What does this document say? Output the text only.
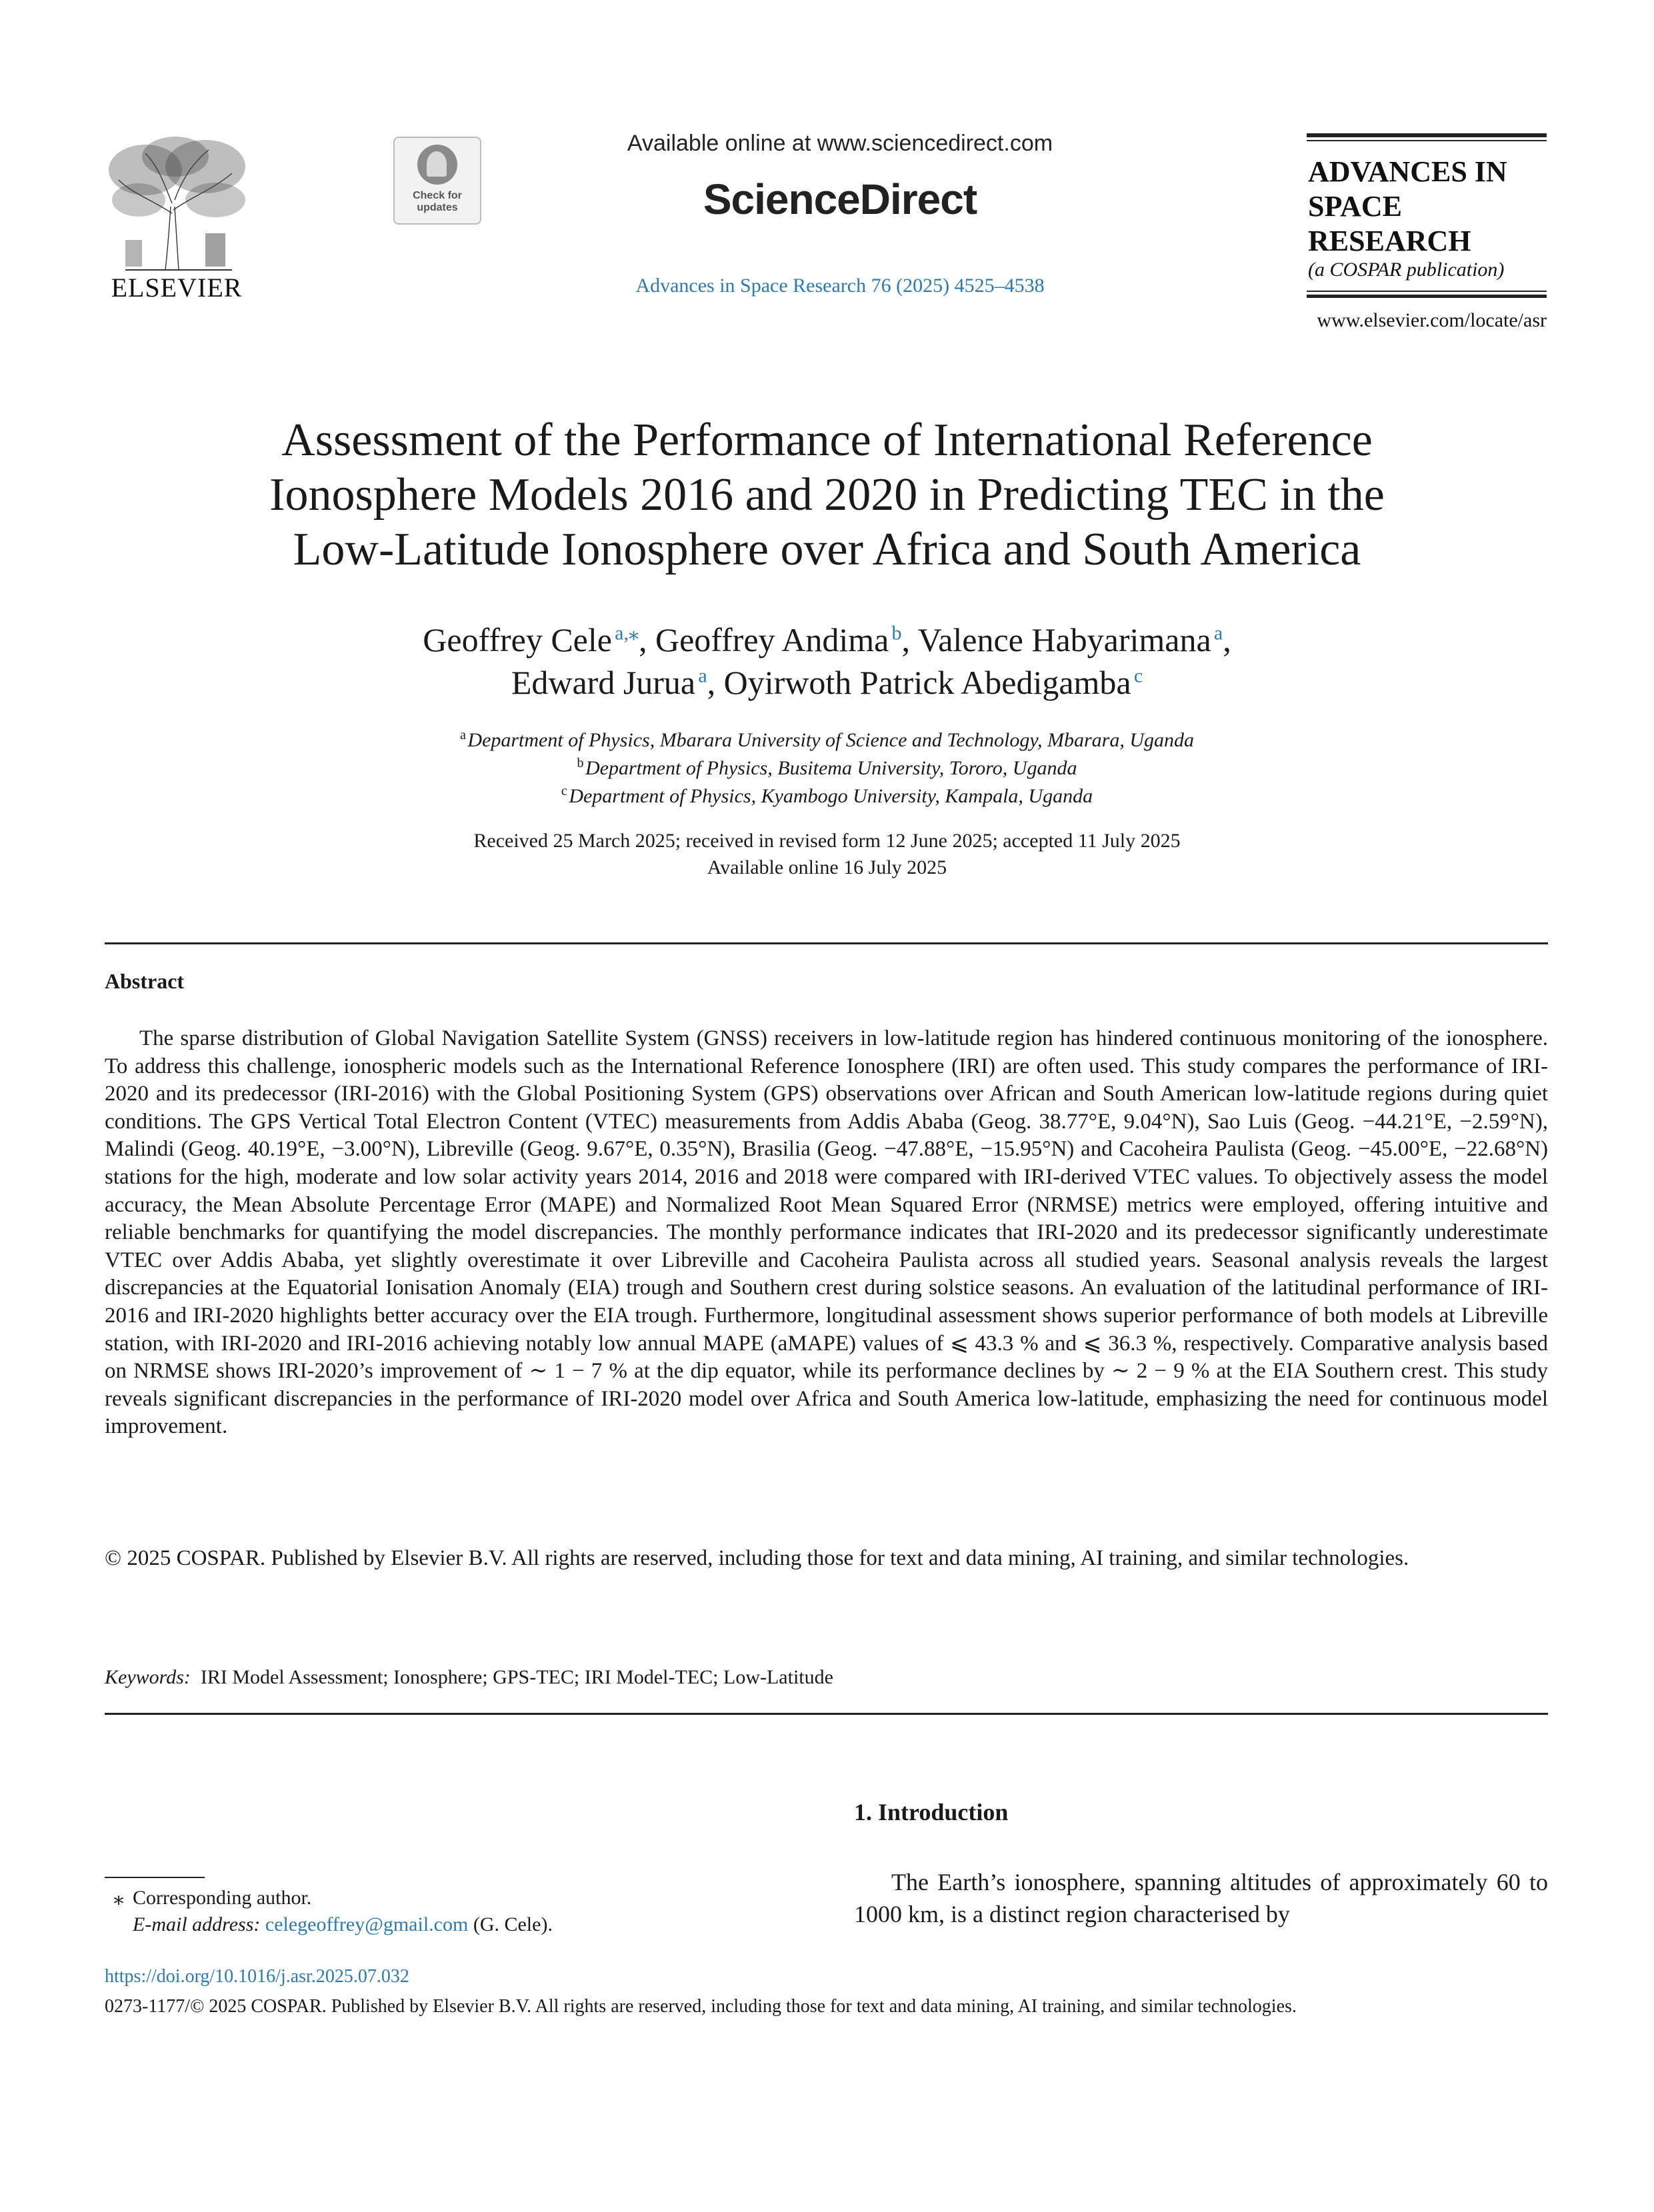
ELSEVIER
Check for
updates
Available online at www.sciencedirect.com
ScienceDirect
Advances in Space Research 76 (2025) 4525–4538
ADVANCES IN
SPACE
RESEARCH
(a COSPAR publication)
www.elsevier.com/locate/asr
Assessment of the Performance of International Reference
Ionosphere Models 2016 and 2020 in Predicting TEC in the
Low-Latitude Ionosphere over Africa and South America
Geoffrey Cele  $^{a,⁎}$, Geoffrey Andima  $^b$, Valence Habyarimana  $^a$,
Edward Jurua  $^a$, Oyirwoth Patrick Abedigamba  $^c$
$^a$ Department of Physics, Mbarara University of Science and Technology, Mbarara, Uganda
$^b$ Department of Physics, Busitema University, Tororo, Uganda
$^c$ Department of Physics, Kyambogo University, Kampala, Uganda
Received 25 March 2025; received in revised form 12 June 2025; accepted 11 July 2025
Available online 16 July 2025
Abstract

The sparse distribution of Global Navigation Satellite System (GNSS) receivers in low-latitude region has hindered continuous monitoring of the ionosphere. To address this challenge, ionospheric models such as the International Reference Ionosphere (IRI) are often used. This study compares the performance of IRI-2020 and its predecessor (IRI-2016) with the Global Positioning System (GPS) observations over African and South American low-latitude regions during quiet conditions. The GPS Vertical Total Electron Content (VTEC) measurements from Addis Ababa (Geog. 38.77°E, 9.04°N), Sao Luis (Geog. −44.21°E, −2.59°N), Malindi (Geog. 40.19°E, −3.00°N), Libreville (Geog. 9.67°E, 0.35°N), Brasilia (Geog. −47.88°E, −15.95°N) and Cacoheira Paulista (Geog. −45.00°E, −22.68°N) stations for the high, moderate and low solar activity years 2014, 2016 and 2018 were compared with IRI-derived VTEC values. To objectively assess the model accuracy, the Mean Absolute Percentage Error (MAPE) and Normalized Root Mean Squared Error (NRMSE) metrics were employed, offering intuitive and reliable benchmarks for quantifying the model discrepancies. The monthly performance indicates that IRI-2020 and its predecessor significantly underestimate VTEC over Addis Ababa, yet slightly overestimate it over Libreville and Cacoheira Paulista across all studied years. Seasonal analysis reveals the largest discrepancies at the Equatorial Ionisation Anomaly (EIA) trough and Southern crest during solstice seasons. An evaluation of the latitudinal performance of IRI-2016 and IRI-2020 highlights better accuracy over the EIA trough. Furthermore, longitudinal assessment shows superior performance of both models at Libreville station, with IRI-2020 and IRI-2016 achieving notably low annual MAPE (aMAPE) values of ⩽ 43.3 % and ⩽ 36.3 %, respectively. Comparative analysis based on NRMSE shows IRI-2020’s improvement of ∼ 1 − 7 % at the dip equator, while its performance declines by ∼ 2 − 9 % at the EIA Southern crest. This study reveals significant discrepancies in the performance of IRI-2020 model over Africa and South America low-latitude, emphasizing the need for continuous model improvement.

© 2025 COSPAR. Published by Elsevier B.V. All rights are reserved, including those for text and data mining, AI training, and similar technologies.
Keywords: IRI Model Assessment; Ionosphere; GPS-TEC; IRI Model-TEC; Low-Latitude
1. Introduction

The Earth’s ionosphere, spanning altitudes of approximately 60 to 1000 km, is a distinct region characterised by

⁎ Corresponding author.
E-mail address: celegeoffrey@gmail.com (G. Cele).
https://doi.org/10.1016/j.asr.2025.07.032
0273-1177/© 2025 COSPAR. Published by Elsevier B.V. All rights are reserved, including those for text and data mining, AI training, and similar technologies.
